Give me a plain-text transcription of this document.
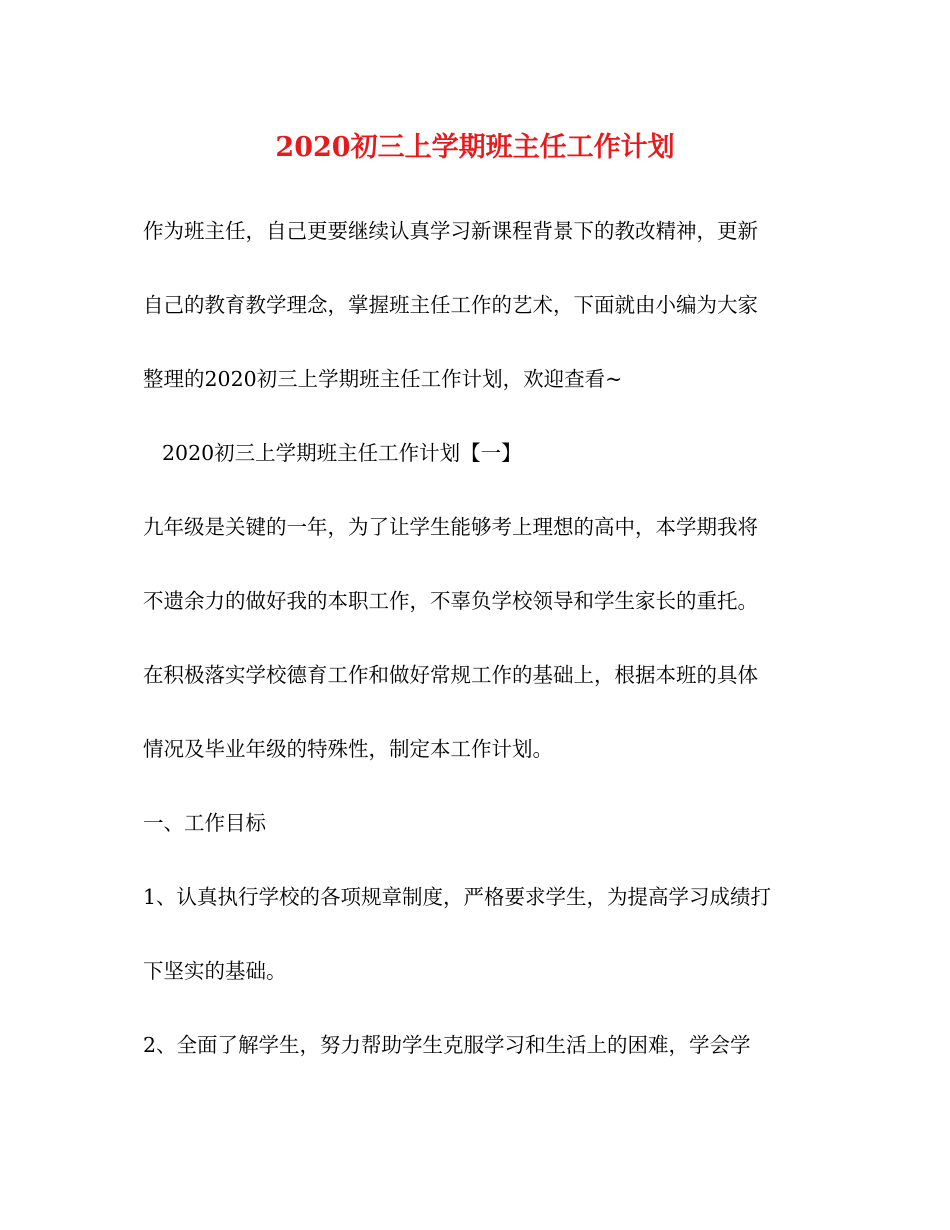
2020初三上学期班主任工作计划
作为班主任，自己更要继续认真学习新课程背景下的教改精神，更新
自己的教育教学理念，掌握班主任工作的艺术，下面就由小编为大家
整理的2020初三上学期班主任工作计划，欢迎查看~
2020初三上学期班主任工作计划【一】
九年级是关键的一年，为了让学生能够考上理想的高中，本学期我将
不遗余力的做好我的本职工作，不辜负学校领导和学生家长的重托。
在积极落实学校德育工作和做好常规工作的基础上，根据本班的具体
情况及毕业年级的特殊性，制定本工作计划。
一、工作目标
1、认真执行学校的各项规章制度，严格要求学生，为提高学习成绩打
下坚实的基础。
2、全面了解学生，努力帮助学生克服学习和生活上的困难，学会学
